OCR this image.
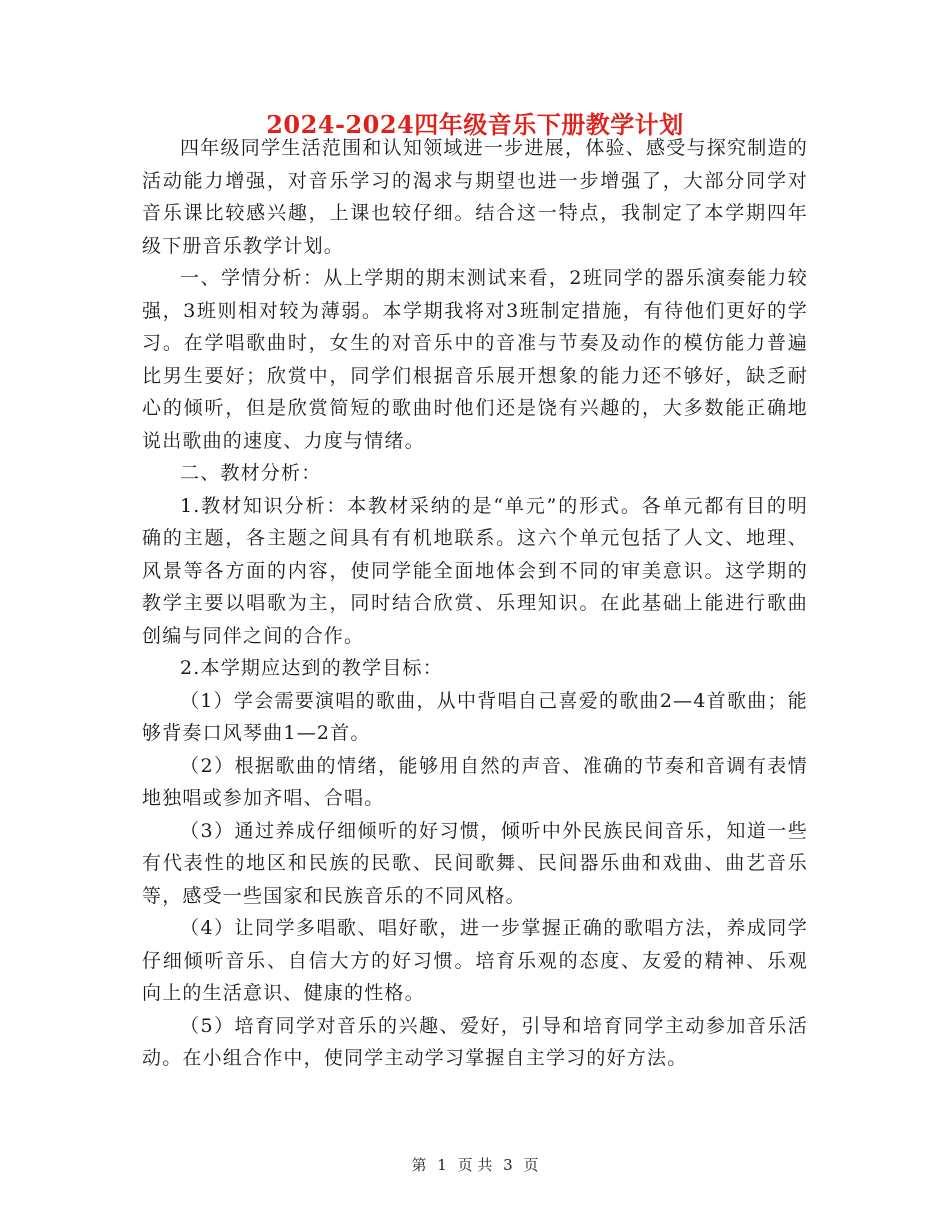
2024-2024四年级音乐下册教学计划

四年级同学生活范围和认知领域进一步进展，体验、感受与探究制造的活动能力增强，对音乐学习的渴求与期望也进一步增强了，大部分同学对音乐课比较感兴趣，上课也较仔细。结合这一特点，我制定了本学期四年级下册音乐教学计划。

一、学情分析：从上学期的期末测试来看，2班同学的器乐演奏能力较强，3班则相对较为薄弱。本学期我将对3班制定措施，有待他们更好的学习。在学唱歌曲时，女生的对音乐中的音准与节奏及动作的模仿能力普遍比男生要好；欣赏中，同学们根据音乐展开想象的能力还不够好，缺乏耐心的倾听，但是欣赏简短的歌曲时他们还是饶有兴趣的，大多数能正确地说出歌曲的速度、力度与情绪。

二、教材分析：

1.教材知识分析：本教材采纳的是“单元”的形式。各单元都有目的明确的主题，各主题之间具有有机地联系。这六个单元包括了人文、地理、风景等各方面的内容，使同学能全面地体会到不同的审美意识。这学期的教学主要以唱歌为主，同时结合欣赏、乐理知识。在此基础上能进行歌曲创编与同伴之间的合作。

2.本学期应达到的教学目标：

（1）学会需要演唱的歌曲，从中背唱自己喜爱的歌曲2—4首歌曲；能够背奏口风琴曲1—2首。

（2）根据歌曲的情绪，能够用自然的声音、准确的节奏和音调有表情地独唱或参加齐唱、合唱。

（3）通过养成仔细倾听的好习惯，倾听中外民族民间音乐，知道一些有代表性的地区和民族的民歌、民间歌舞、民间器乐曲和戏曲、曲艺音乐等，感受一些国家和民族音乐的不同风格。

（4）让同学多唱歌、唱好歌，进一步掌握正确的歌唱方法，养成同学仔细倾听音乐、自信大方的好习惯。培育乐观的态度、友爱的精神、乐观向上的生活意识、健康的性格。

（5）培育同学对音乐的兴趣、爱好，引导和培育同学主动参加音乐活动。在小组合作中，使同学主动学习掌握自主学习的好方法。

第 1 页 共 3 页
